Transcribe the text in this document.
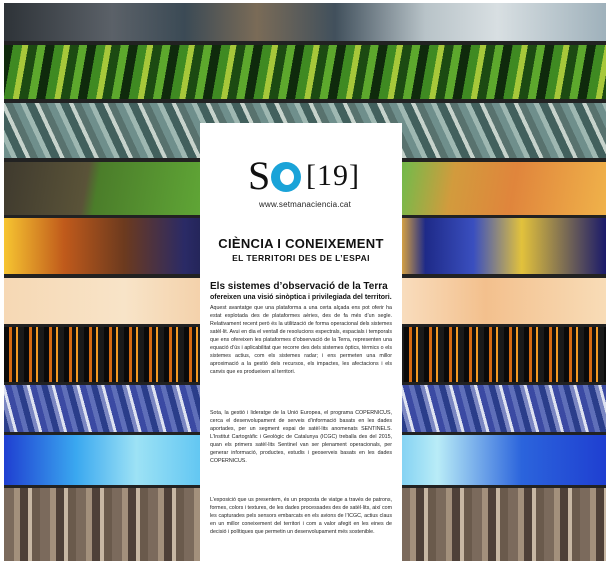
S [19]
www.setmanaciencia.cat
CIÈNCIA I CONEIXEMENT
EL TERRITORI DES DE L’ESPAI
Els sistemes d’observació de la Terra
ofereixen una visió sinòptica i privilegiada del territori.

Aquest avantatge que una plataforma a una certa alçada ens pot oferir ha estat explotada des de plataformes aèries, des de fa més d’un segle. Relativament recent però és la utilització de forma operacional dels sistemes satèl·lit. Avui en dia el ventall de resolucions espectrals, espacials i temporals que ens ofereixen les plataformes d’observació de la Terra, representen una equació d’ús i aplicabilitat que recorre des dels sistemes òptics, tèrmics o els sistemes actius, com els sistemes radar; i ens permeten una millor aproximació a la gestió dels recursos, els impactes, les afectacions i els canvis que es produeixen al territori.

Sota, la gestió i lideratge de la Unió Europea, el programa COPERNICUS, cerca el desenvolupament de serveis d’informació basats en les dades aportades, per un segment espai de satèl·lits anomenats SENTINELS. L’Institut Cartogràfic i Geològic de Catalunya (ICGC) treballa des del 2015, quan els primers satèl·lits Sentinel van ser plenament operacionals, per generar informació, productes, estudis i geoserveis basats en les dades COPERNICUS.

L’exposició que us presentem, és un proposta de viatge a través de patrons, formes, colors i textures, de les dades processades des de satèl·lits, així com les capturades pels sensors embarcats en els avions de l’ICGC, actius claus en un millor coneixement del territori i com a valor afegit en les eines de decisió i polítiques que permetin un desenvolupament més sostenible.
